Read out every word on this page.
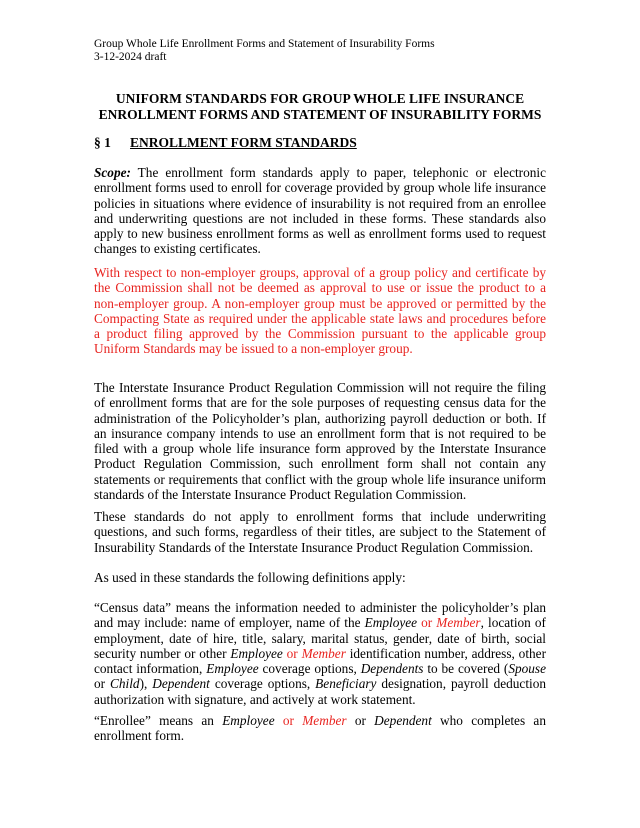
Group Whole Life Enrollment Forms and Statement of Insurability Forms
3-12-2024 draft
UNIFORM STANDARDS FOR GROUP WHOLE LIFE INSURANCE
ENROLLMENT FORMS AND STATEMENT OF INSURABILITY FORMS
§ 1 ENROLLMENT FORM STANDARDS

Scope: The enrollment form standards apply to paper, telephonic or electronic enrollment forms used to enroll for coverage provided by group whole life insurance policies in situations where evidence of insurability is not required from an enrollee and underwriting questions are not included in these forms. These standards also apply to new business enrollment forms as well as enrollment forms used to request changes to existing certificates.

With respect to non-employer groups, approval of a group policy and certificate by the Commission shall not be deemed as approval to use or issue the product to a non-employer group. A non-employer group must be approved or permitted by the Compacting State as required under the applicable state laws and procedures before a product filing approved by the Commission pursuant to the applicable group Uniform Standards may be issued to a non-employer group.

The Interstate Insurance Product Regulation Commission will not require the filing of enrollment forms that are for the sole purposes of requesting census data for the administration of the Policyholder’s plan, authorizing payroll deduction or both. If an insurance company intends to use an enrollment form that is not required to be filed with a group whole life insurance form approved by the Interstate Insurance Product Regulation Commission, such enrollment form shall not contain any statements or requirements that conflict with the group whole life insurance uniform standards of the Interstate Insurance Product Regulation Commission.

These standards do not apply to enrollment forms that include underwriting questions, and such forms, regardless of their titles, are subject to the Statement of Insurability Standards of the Interstate Insurance Product Regulation Commission.

As used in these standards the following definitions apply:

“Census data” means the information needed to administer the policyholder’s plan and may include: name of employer, name of the Employee or Member, location of employment, date of hire, title, salary, marital status, gender, date of birth, social security number or other Employee or Member identification number, address, other contact information, Employee coverage options, Dependents to be covered (Spouse or Child), Dependent coverage options, Beneficiary designation, payroll deduction authorization with signature, and actively at work statement.

“Enrollee” means an Employee or Member or Dependent who completes an enrollment form.
